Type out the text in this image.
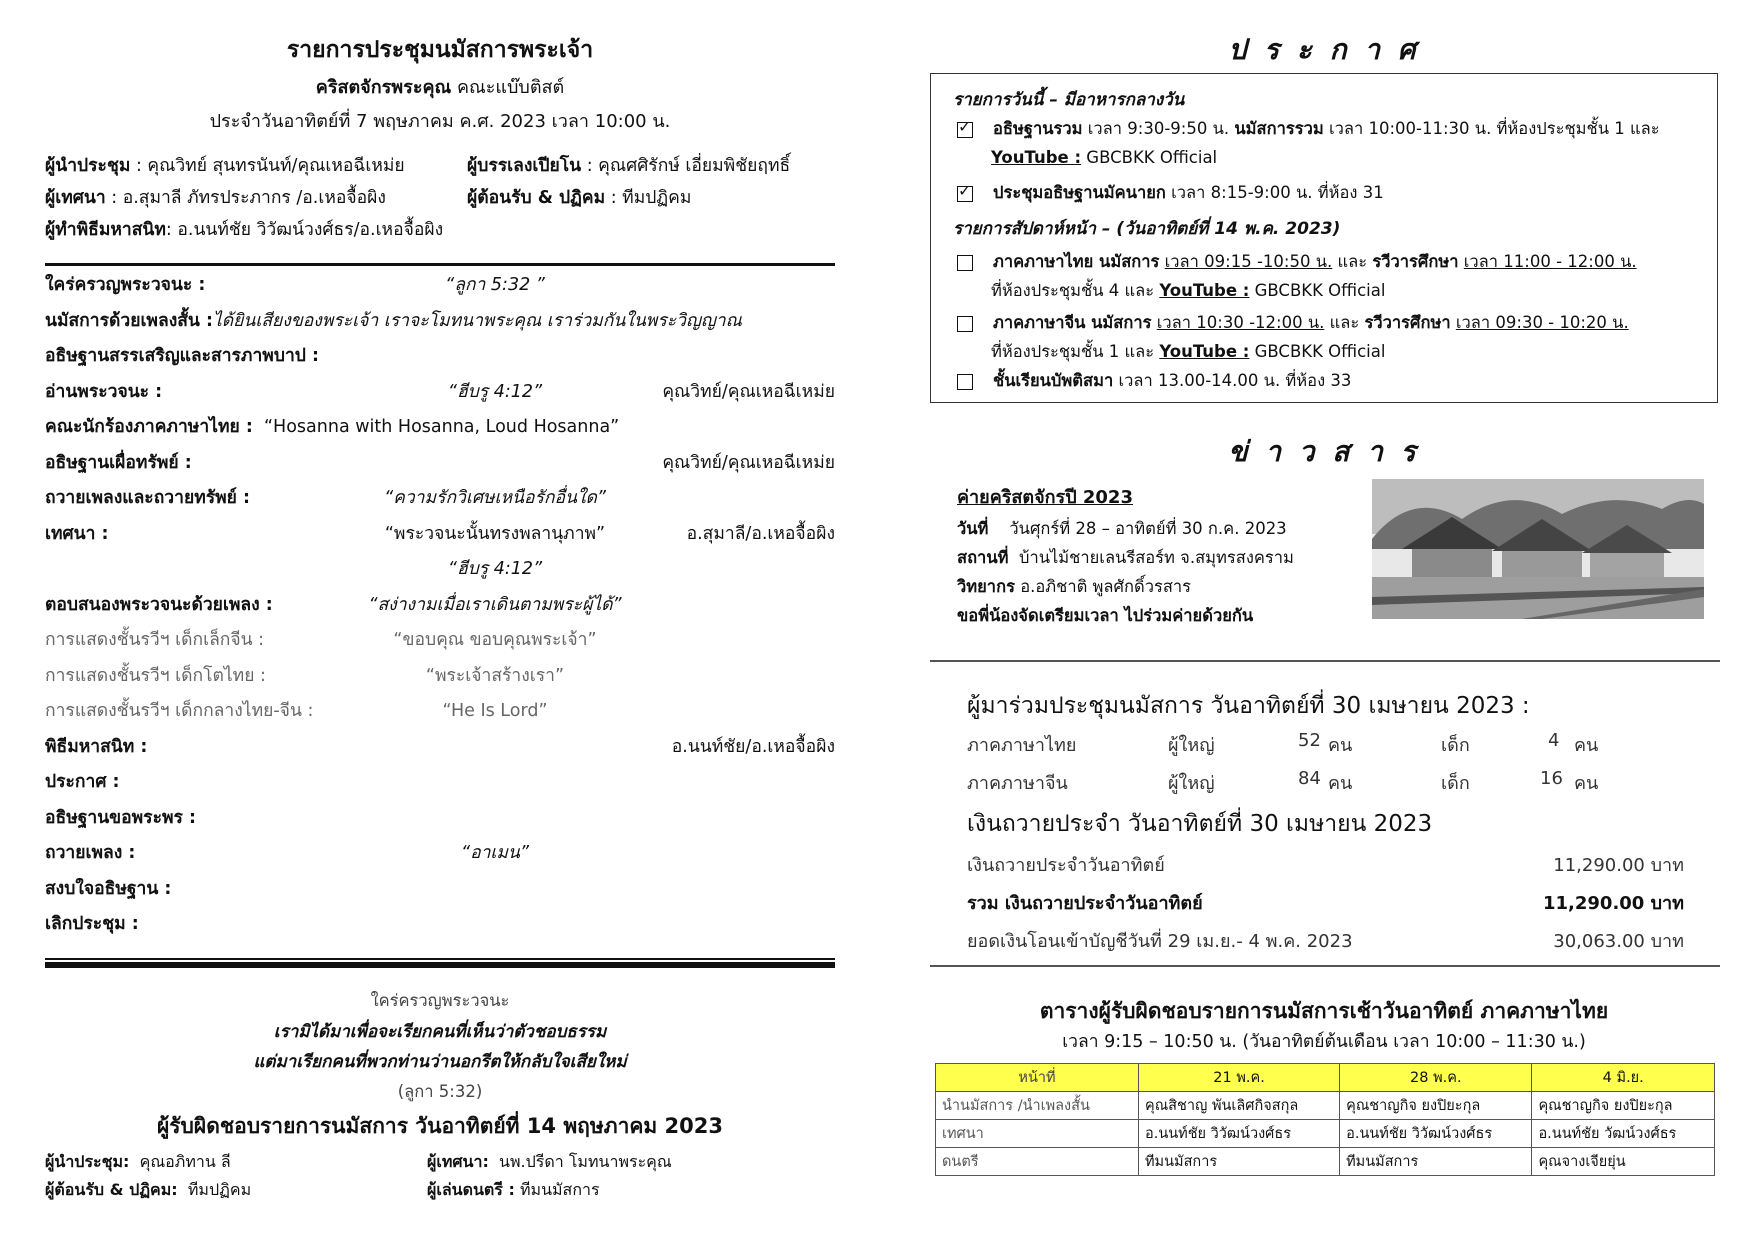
รายการประชุมนมัสการพระเจ้า
คริสตจักรพระคุณ คณะแบ๊บติสต์
ประจำวันอาทิตย์ที่ 7 พฤษภาคม ค.ศ. 2023 เวลา 10:00 น.
ผู้นำประชุม : คุณวิทย์ สุนทรนันท์/คุณเหอฉีเหม่ย
ผู้เทศนา : อ.สุมาลี ภัทรประภากร /อ.เหอจื้อผิง
ผู้ทำพิธีมหาสนิท: อ.นนท์ชัย วิวัฒน์วงศ์ธร/อ.เหอจื้อผิง
ผู้บรรเลงเปียโน : คุณศศิรักษ์ เอี่ยมพิชัยฤทธิ์
ผู้ต้อนรับ & ปฏิคม : ทีมปฏิคม
ใคร่ครวญพระวจนะ :	“ลูกา 5:32 ”
นมัสการด้วยเพลงสั้น :ได้ยินเสียงของพระเจ้า เราจะโมทนาพระคุณ เราร่วมกันในพระวิญญาณ
อธิษฐานสรรเสริญและสารภาพบาป :
อ่านพระวจนะ :	“ฮีบรู 4:12”	คุณวิทย์/คุณเหอฉีเหม่ย
คณะนักร้องภาคภาษาไทย : “Hosanna with Hosanna, Loud Hosanna”
อธิษฐานเผื่อทรัพย์ :	คุณวิทย์/คุณเหอฉีเหม่ย
ถวายเพลงและถวายทรัพย์ :	“ความรักวิเศษเหนือรักอื่นใด”
เทศนา :	“พระวจนะนั้นทรงพลานุภาพ”	อ.สุมาลี/อ.เหอจื้อผิง
“ฮีบรู 4:12”
ตอบสนองพระวจนะด้วยเพลง :	“สง่างามเมื่อเราเดินตามพระผู้ได้”
การแสดงชั้นรวีฯ เด็กเล็กจีน :	“ขอบคุณ ขอบคุณพระเจ้า”
การแสดงชั้นรวีฯ เด็กโตไทย :	“พระเจ้าสร้างเรา”
การแสดงชั้นรวีฯ เด็กกลางไทย-จีน :	“He Is Lord”
พิธีมหาสนิท :	อ.นนท์ชัย/อ.เหอจื้อผิง
ประกาศ :
อธิษฐานขอพระพร :
ถวายเพลง :	“อาเมน”
สงบใจอธิษฐาน :
เลิกประชุม :
ใคร่ครวญพระวจนะ
เรามิได้มาเพื่อจะเรียกคนที่เห็นว่าตัวชอบธรรม
แต่มาเรียกคนที่พวกท่านว่านอกรีตให้กลับใจเสียใหม่
(ลูกา 5:32)
ผู้รับผิดชอบรายการนมัสการ วันอาทิตย์ที่ 14 พฤษภาคม 2023
ผู้นำประชุม: คุณอภิทาน ลี
ผู้ต้อนรับ & ปฏิคม: ทีมปฏิคม
ผู้เทศนา: นพ.ปรีดา โมทนาพระคุณ
ผู้เล่นดนตรี : ทีมนมัสการ
ป ร ะ ก า ศ
รายการวันนี้ – มีอาหารกลางวัน
✓อธิษฐานรวม เวลา 9:30-9:50 น. นมัสการรวม เวลา 10:00-11:30 น. ที่ห้องประชุมชั้น 1 และ
YouTube : GBCBKK Official
✓ประชุมอธิษฐานมัคนายก เวลา 8:15-9:00 น. ที่ห้อง 31
รายการสัปดาห์หน้า – (วันอาทิตย์ที่ 14 พ.ค. 2023)
ภาคภาษาไทย นมัสการ เวลา 09:15 -10:50 น. และ รวีวารศึกษา เวลา 11:00 - 12:00 น.
ที่ห้องประชุมชั้น 4 และ YouTube : GBCBKK Official
ภาคภาษาจีน นมัสการ เวลา 10:30 -12:00 น. และ รวีวารศึกษา เวลา 09:30 - 10:20 น.
ที่ห้องประชุมชั้น 1 และ YouTube : GBCBKK Official
ชั้นเรียนบัพติสมา เวลา 13.00-14.00 น. ที่ห้อง 33
ข่ า ว ส า ร
ค่ายคริสตจักรปี 2023
วันที่ วันศุกร์ที่ 28 – อาทิตย์ที่ 30 ก.ค. 2023
สถานที่ บ้านไม้ชายเลนรีสอร์ท จ.สมุทรสงคราม
วิทยากร อ.อภิชาติ พูลศักดิ์วรสาร
ขอพี่น้องจัดเตรียมเวลา ไปร่วมค่ายด้วยกัน
ผู้มาร่วมประชุมนมัสการ วันอาทิตย์ที่ 30 เมษายน 2023 :
ภาคภาษาไทย	ผู้ใหญ่	52 คน	เด็ก	4 คน
ภาคภาษาจีน	ผู้ใหญ่	84 คน	เด็ก	16 คน
เงินถวายประจำ วันอาทิตย์ที่ 30 เมษายน 2023
เงินถวายประจำวันอาทิตย์	11,290.00 บาท
รวม เงินถวายประจำวันอาทิตย์	11,290.00 บาท
ยอดเงินโอนเข้าบัญชีวันที่ 29 เม.ย.- 4 พ.ค. 2023	30,063.00 บาท
ตารางผู้รับผิดชอบรายการนมัสการเช้าวันอาทิตย์ ภาคภาษาไทย
เวลา 9:15 – 10:50 น. (วันอาทิตย์ต้นเดือน เวลา 10:00 – 11:30 น.)
หน้าที่	21 พ.ค.	28 พ.ค.	4 มิ.ย.
นำนมัสการ /นำเพลงสั้น	คุณสิชาญ พันเลิศกิจสกุล	คุณชาญกิจ ยงปิยะกุล	คุณชาญกิจ ยงปิยะกุล
เทศนา	อ.นนท์ชัย วิวัฒน์วงศ์ธร	อ.นนท์ชัย วิวัฒน์วงศ์ธร	อ.นนท์ชัย วัฒน์วงศ์ธร
ดนตรี	ทีมนมัสการ	ทีมนมัสการ	คุณจางเจียยุ่น
